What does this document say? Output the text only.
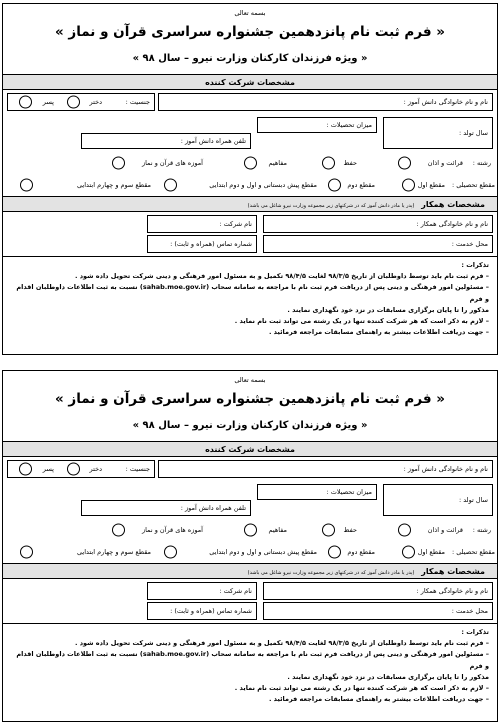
بسمه تعالی
« فرم ثبت نام پانزدهمین جشنواره سراسری قرآن و نماز »
« ویژه فرزندان کارکنان وزارت نیرو – سال ۹۸ »
مشخصات شرکت کننده
نام و نام خانوادگی دانش آموز :
جنسیت :
دختر
پسر
سال تولد :
میزان تحصیلات :
تلفن همراه دانش آموز :
رشته :
قرائت و اذان
حفظ
مفاهیم
آموزه های قرآن و نماز
مقطع تحصیلی :
مقطع اول
مقطع دوم
مقطع پیش دبستانی و اول و دوم ابتدایی
مقطع سوم و چهارم ابتدایی
مشخصات همکار (پدر یا مادر دانش آموز که در شرکتهای زیر مجموعه وزارت نیرو شاغل می باشد)
نام و نام خانوادگی همکار :
نام شرکت :
محل خدمت :
شماره تماس (همراه و ثابت) :
تذکرات :
– فرم ثبت نام باید توسط داوطلبان از تاریخ ۹۸/۳/۵ لغایت ۹۸/۴/۵ تکمیل و به مسئول امور فرهنگی و دینی شرکت تحویل داده شود .
– مسئولین امور فرهنگی و دینی پس از دریافت فرم ثبت نام با مراجعه به سامانه سحاب (sahab.moe.gov.ir) نسبت به ثبت اطلاعات داوطلبان اقدام و فرم
مذکور را تا پایان برگزاری مسابقات در نزد خود نگهداری نمایند .
– لازم به ذکر است که هر شرکت کننده تنها در یک رشته می تواند ثبت نام نماید .
– جهت دریافت اطلاعات بیشتر به راهنمای مسابقات مراجعه فرمائید .
بسمه تعالی
« فرم ثبت نام پانزدهمین جشنواره سراسری قرآن و نماز »
« ویژه فرزندان کارکنان وزارت نیرو – سال ۹۸ »
مشخصات شرکت کننده
نام و نام خانوادگی دانش آموز :
جنسیت :
دختر
پسر
سال تولد :
میزان تحصیلات :
تلفن همراه دانش آموز :
رشته :
قرائت و اذان
حفظ
مفاهیم
آموزه های قرآن و نماز
مقطع تحصیلی :
مقطع اول
مقطع دوم
مقطع پیش دبستانی و اول و دوم ابتدایی
مقطع سوم و چهارم ابتدایی
مشخصات همکار (پدر یا مادر دانش آموز که در شرکتهای زیر مجموعه وزارت نیرو شاغل می باشد)
نام و نام خانوادگی همکار :
نام شرکت :
محل خدمت :
شماره تماس (همراه و ثابت) :
تذکرات :
– فرم ثبت نام باید توسط داوطلبان از تاریخ ۹۸/۳/۵ لغایت ۹۸/۴/۵ تکمیل و به مسئول امور فرهنگی و دینی شرکت تحویل داده شود .
– مسئولین امور فرهنگی و دینی پس از دریافت فرم ثبت نام با مراجعه به سامانه سحاب (sahab.moe.gov.ir) نسبت به ثبت اطلاعات داوطلبان اقدام و فرم
مذکور را تا پایان برگزاری مسابقات در نزد خود نگهداری نمایند .
– لازم به ذکر است که هر شرکت کننده تنها در یک رشته می تواند ثبت نام نماید .
– جهت دریافت اطلاعات بیشتر به راهنمای مسابقات مراجعه فرمائید .
